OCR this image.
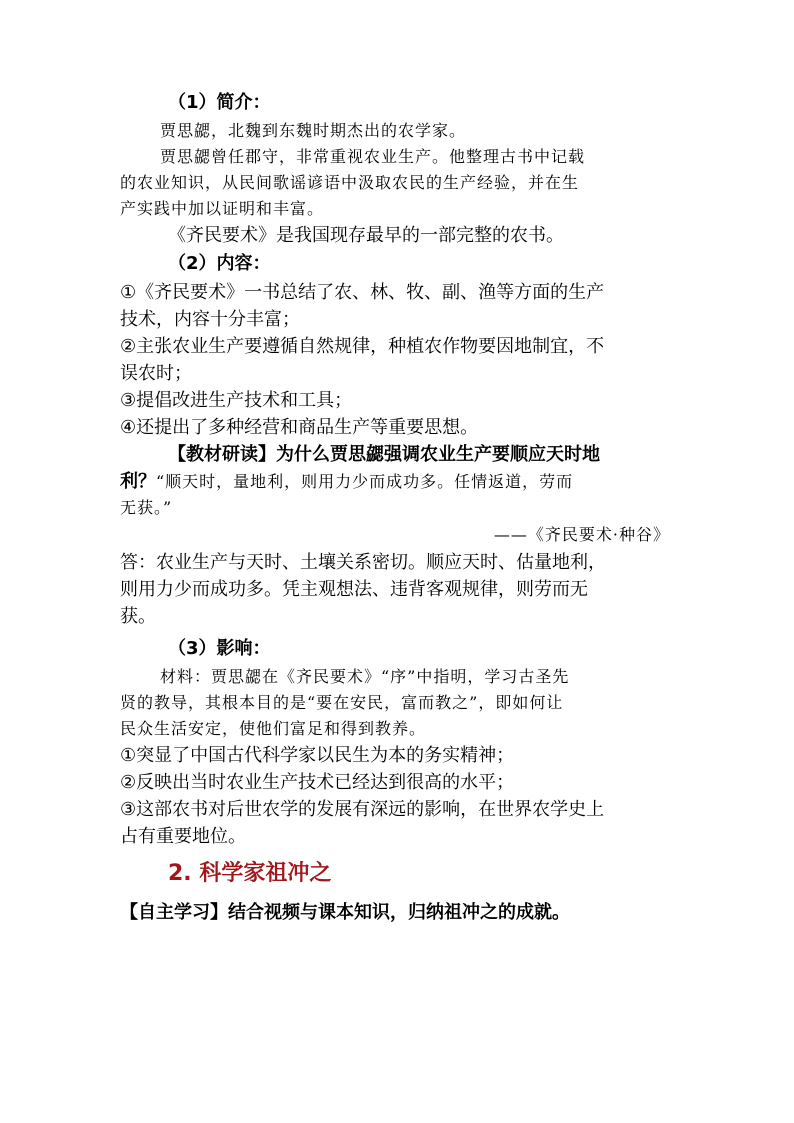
（1）简介：
贾思勰，北魏到东魏时期杰出的农学家。
贾思勰曾任郡守，非常重视农业生产。他整理古书中记载
的农业知识，从民间歌谣谚语中汲取农民的生产经验，并在生
产实践中加以证明和丰富。
《齐民要术》是我国现存最早的一部完整的农书。
（2）内容：
①《齐民要术》一书总结了农、林、牧、副、渔等方面的生产
技术，内容十分丰富；
②主张农业生产要遵循自然规律，种植农作物要因地制宜，不
误农时；
③提倡改进生产技术和工具；
④还提出了多种经营和商品生产等重要思想。
【教材研读】为什么贾思勰强调农业生产要顺应天时地
利？“顺天时，量地利，则用力少而成功多。任情返道，劳而
无获。”
——《齐民要术·种谷》
答：农业生产与天时、土壤关系密切。顺应天时、估量地利，
则用力少而成功多。凭主观想法、违背客观规律，则劳而无
获。
（3）影响：
材料：贾思勰在《齐民要术》“序”中指明，学习古圣先
贤的教导，其根本目的是“要在安民，富而教之”，即如何让
民众生活安定，使他们富足和得到教养。
①突显了中国古代科学家以民生为本的务实精神；
②反映出当时农业生产技术已经达到很高的水平；
③这部农书对后世农学的发展有深远的影响，在世界农学史上
占有重要地位。
2. 科学家祖冲之
【自主学习】结合视频与课本知识，归纳祖冲之的成就。
